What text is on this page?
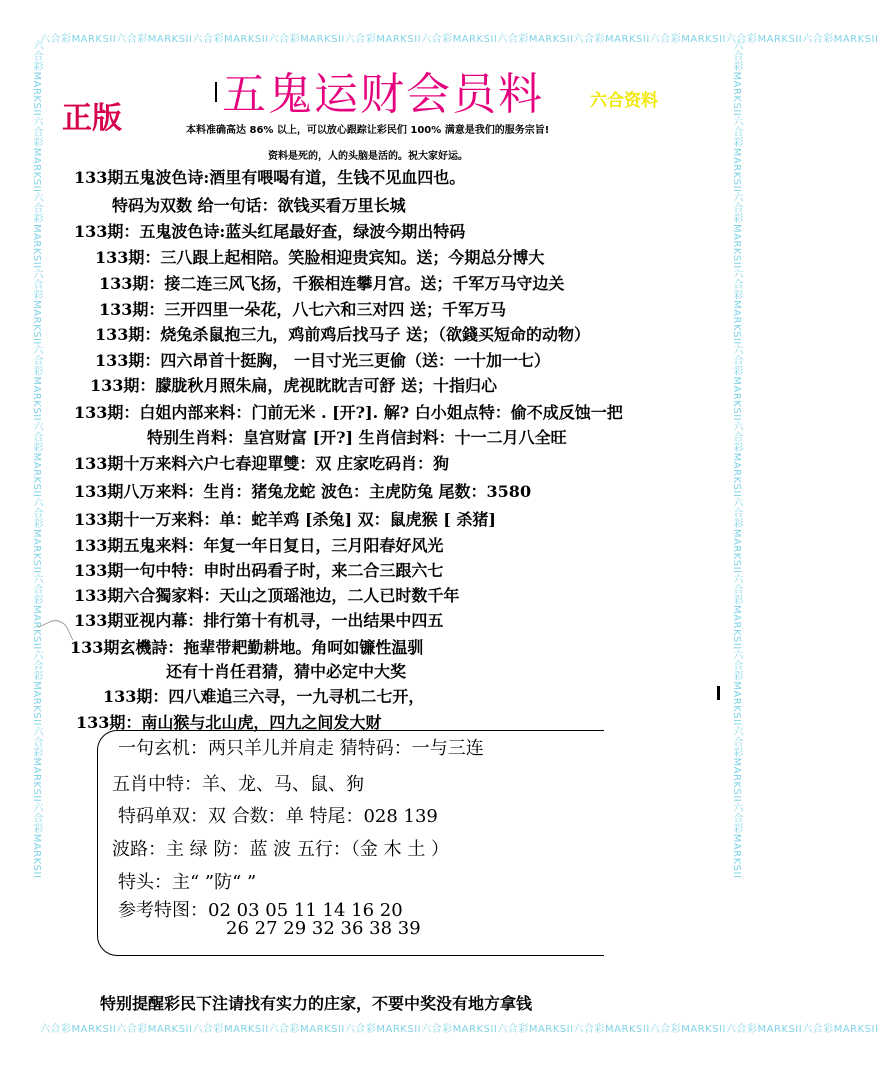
六合彩MARKSII六合彩MARKSII六合彩MARKSII六合彩MARKSII六合彩MARKSII六合彩MARKSII六合彩MARKSII六合彩MARKSII六合彩MARKSII六合彩MARKSII六合彩MARKSII
六合彩MARKSII六合彩MARKSII六合彩MARKSII六合彩MARKSII六合彩MARKSII六合彩MARKSII六合彩MARKSII六合彩MARKSII六合彩MARKSII六合彩MARKSII六合彩MARKSII
六合彩MARKSII六合彩MARKSII六合彩MARKSII六合彩MARKSII六合彩MARKSII六合彩MARKSII六合彩MARKSII六合彩MARKSII六合彩MARKSII六合彩MARKSII六合彩MARKSII	六合彩MARKSII六合彩MARKSII六合彩MARKSII六合彩MARKSII六合彩MARKSII六合彩MARKSII六合彩MARKSII六合彩MARKSII六合彩MARKSII六合彩MARKSII六合彩MARKSII
五鬼运财会员料
正版	六合资料
本料准确高达 86% 以上，可以放心跟踪让彩民们 100% 满意是我们的服务宗旨!
资料是死的，人的头脑是活的。祝大家好运。
133期五鬼波色诗:酒里有喂喝有道，生钱不见血四也。
特码为双数 给一句话：欲钱买看万里长城
133期：五鬼波色诗:蓝头红尾最好查，绿波今期出特码
133期：三八跟上起相陪。笑脸相迎贵宾知。送；今期总分博大
133期：接二连三风飞扬，千猴相连攀月宫。送；千军万马守边关
133期：三开四里一朵花，八七六和三对四 送；千军万马
133期：烧兔杀鼠抱三九，鸡前鸡后找马子 送；（欲錢买短命的动物）
133期：四六昂首十挺胸， 一目寸光三更偷（送：一十加一七）
133期：朦胧秋月照朱扁，虎视眈眈吉可舒 送；十指归心
133期：白姐内部来料：门前无米 . [开?]. 解? 白小姐点特：偷不成反蚀一把
特别生肖料：皇宫财富 [开?] 生肖信封料：十一二月八全旺
133期十万来料六户七春迎單雙：双 庄家吃码肖：狗
133期八万来料：生肖：猪兔龙蛇 波色：主虎防兔 尾数：3580
133期十一万来料：单：蛇羊鸡 [杀兔] 双：鼠虎猴 [ 杀猪]
133期五鬼来料：年复一年日复日，三月阳春好风光
133期一句中特：申时出码看子时，来二合三跟六七
133期六合獨家料：天山之顶瑶池边，二人已时数千年
133期亚视内幕：排行第十有机寻，一出结果中四五
133期玄機詩：拖辈带耙勤耕地。角呵如镰性温驯
还有十肖任君猜，猜中必定中大奖
133期：四八难追三六寻，一九寻机二七开，
133期：南山猴与北山虎，四九之间发大财
一句玄机：两只羊儿并肩走 猜特码：一与三连
五肖中特：羊、龙、马、鼠、狗
特码单双：双 合数：单 特尾：028 139
波路：主 绿 防：蓝 波 五行：（金 木 土 ）
特头：主“ ”防“ ”
参考特图：02 03 05 11 14 16 20
26 27 29 32 36 38 39
特别提醒彩民下注请找有实力的庄家，不要中奖没有地方拿钱
